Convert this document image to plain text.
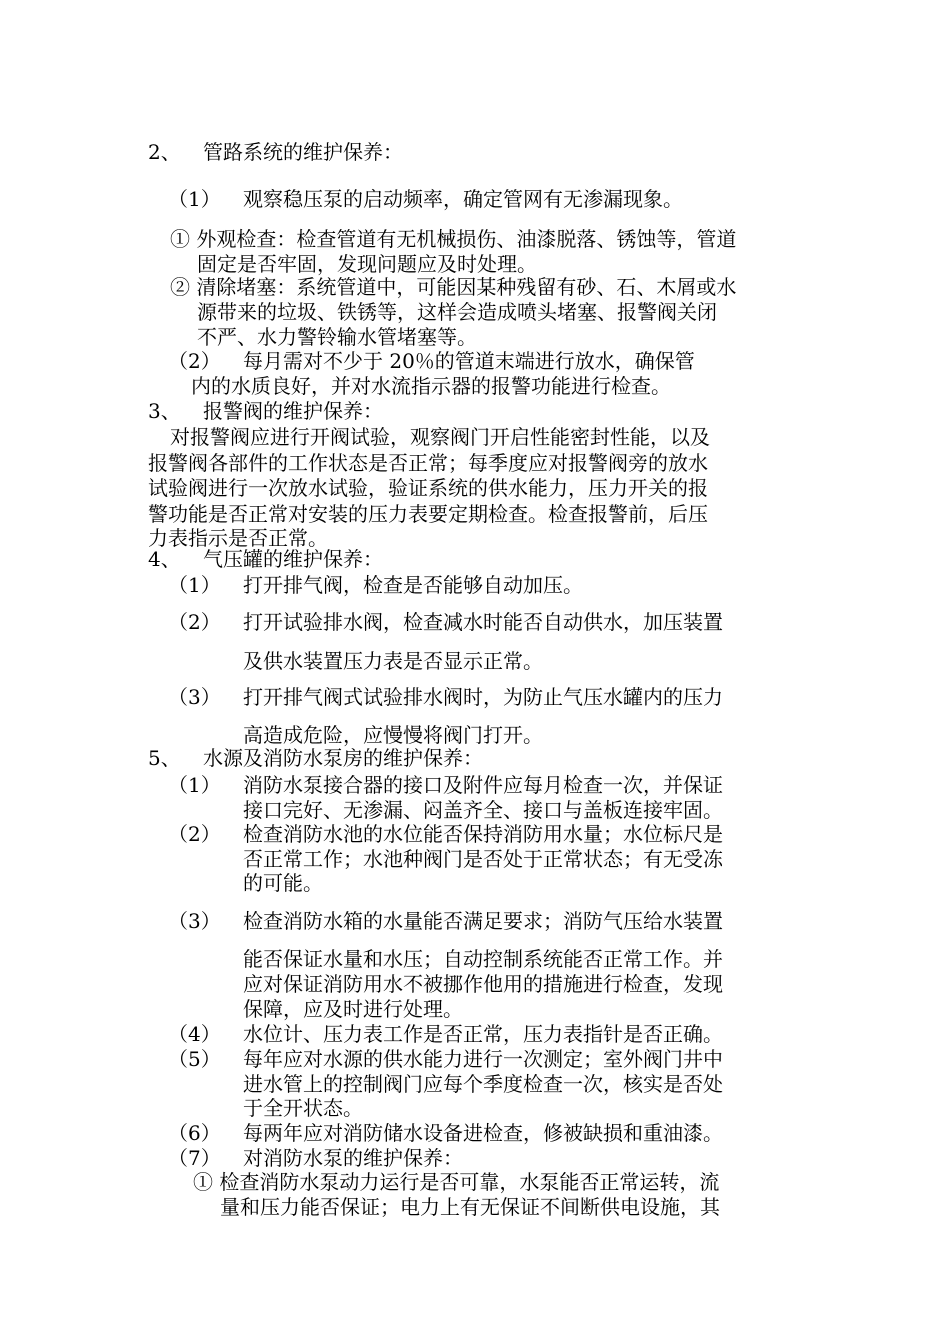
2、 管路系统的维护保养：
（1） 观察稳压泵的启动频率，确定管网有无渗漏现象。
① 外观检查：检查管道有无机械损伤、油漆脱落、锈蚀等，管道
固定是否牢固，发现问题应及时处理。
② 清除堵塞：系统管道中，可能因某种残留有砂、石、木屑或水
源带来的垃圾、铁锈等，这样会造成喷头堵塞、报警阀关闭
不严、水力警铃输水管堵塞等。
（2） 每月需对不少于 20％的管道末端进行放水，确保管
内的水质良好，并对水流指示器的报警功能进行检查。
3、 报警阀的维护保养：
对报警阀应进行开阀试验，观察阀门开启性能密封性能，以及
报警阀各部件的工作状态是否正常；每季度应对报警阀旁的放水
试验阀进行一次放水试验，验证系统的供水能力，压力开关的报
警功能是否正常对安装的压力表要定期检查。检查报警前，后压
力表指示是否正常。
4、 气压罐的维护保养：
（1） 打开排气阀，检查是否能够自动加压。
（2） 打开试验排水阀，检查减水时能否自动供水，加压装置
及供水装置压力表是否显示正常。
（3） 打开排气阀式试验排水阀时，为防止气压水罐内的压力
高造成危险，应慢慢将阀门打开。
5、 水源及消防水泵房的维护保养：
（1） 消防水泵接合器的接口及附件应每月检查一次，并保证
接口完好、无渗漏、闷盖齐全、接口与盖板连接牢固。
（2） 检查消防水池的水位能否保持消防用水量；水位标尺是
否正常工作；水池种阀门是否处于正常状态；有无受冻
的可能。
（3） 检查消防水箱的水量能否满足要求；消防气压给水装置
能否保证水量和水压；自动控制系统能否正常工作。并
应对保证消防用水不被挪作他用的措施进行检查，发现
保障，应及时进行处理。
（4） 水位计、压力表工作是否正常，压力表指针是否正确。
（5） 每年应对水源的供水能力进行一次测定；室外阀门井中
进水管上的控制阀门应每个季度检查一次，核实是否处
于全开状态。
（6） 每两年应对消防储水设备进检查，修被缺损和重油漆。
（7） 对消防水泵的维护保养：
① 检查消防水泵动力运行是否可靠，水泵能否正常运转，流
量和压力能否保证；电力上有无保证不间断供电设施，其
